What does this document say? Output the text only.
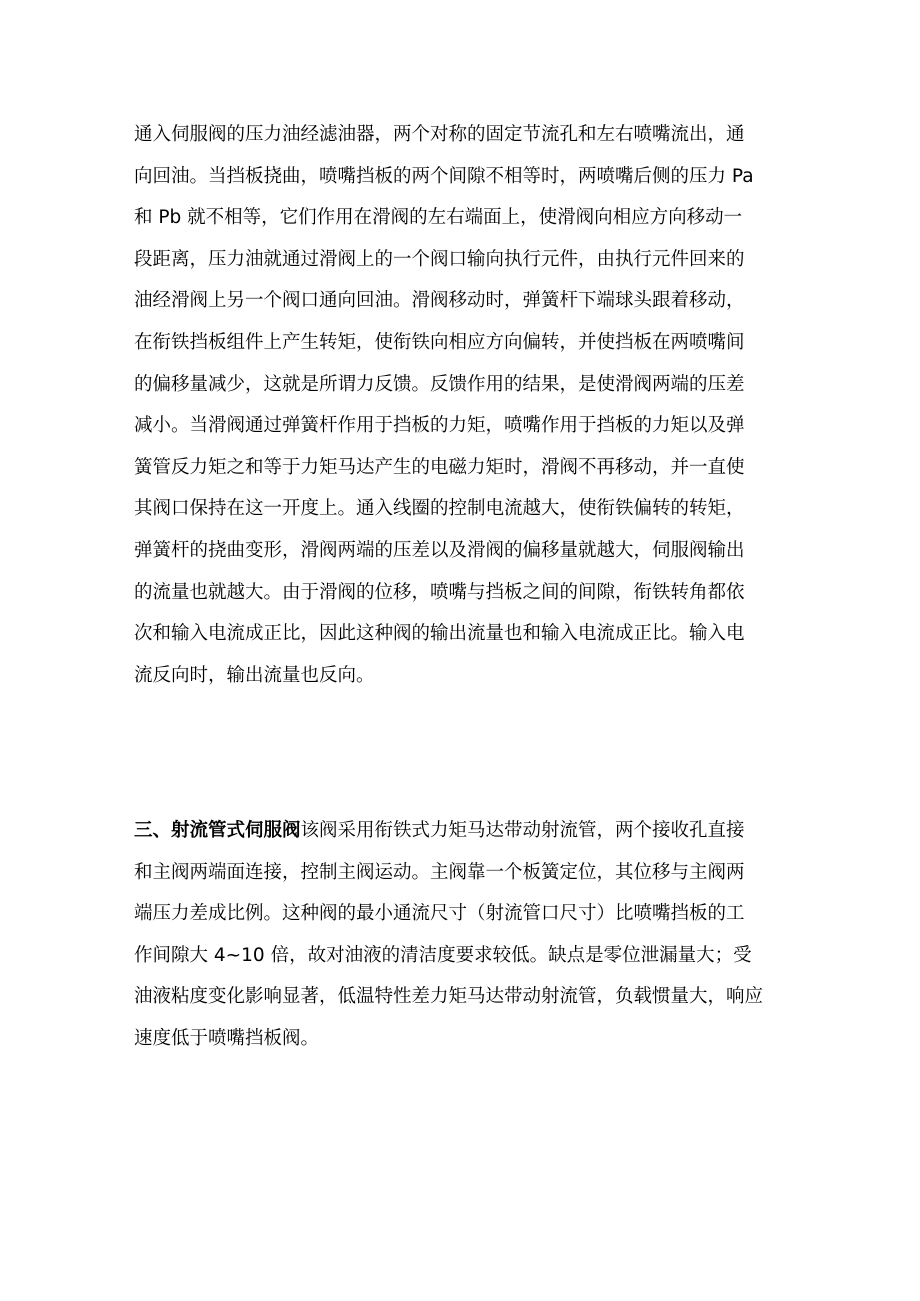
通入伺服阀的压力油经滤油器，两个对称的固定节流孔和左右喷嘴流出，通
向回油。当挡板挠曲，喷嘴挡板的两个间隙不相等时，两喷嘴后侧的压力 Pa
和 Pb 就不相等，它们作用在滑阀的左右端面上，使滑阀向相应方向移动一
段距离，压力油就通过滑阀上的一个阀口输向执行元件，由执行元件回来的
油经滑阀上另一个阀口通向回油。滑阀移动时，弹簧杆下端球头跟着移动，
在衔铁挡板组件上产生转矩，使衔铁向相应方向偏转，并使挡板在两喷嘴间
的偏移量减少，这就是所谓力反馈。反馈作用的结果，是使滑阀两端的压差
减小。当滑阀通过弹簧杆作用于挡板的力矩，喷嘴作用于挡板的力矩以及弹
簧管反力矩之和等于力矩马达产生的电磁力矩时，滑阀不再移动，并一直使
其阀口保持在这一开度上。通入线圈的控制电流越大，使衔铁偏转的转矩，
弹簧杆的挠曲变形，滑阀两端的压差以及滑阀的偏移量就越大，伺服阀输出
的流量也就越大。由于滑阀的位移，喷嘴与挡板之间的间隙，衔铁转角都依
次和输入电流成正比，因此这种阀的输出流量也和输入电流成正比。输入电
流反向时，输出流量也反向。
三、射流管式伺服阀该阀采用衔铁式力矩马达带动射流管，两个接收孔直接
和主阀两端面连接，控制主阀运动。主阀靠一个板簧定位，其位移与主阀两
端压力差成比例。这种阀的最小通流尺寸（射流管口尺寸）比喷嘴挡板的工
作间隙大 4~10 倍，故对油液的清洁度要求较低。缺点是零位泄漏量大；受
油液粘度变化影响显著，低温特性差力矩马达带动射流管，负载惯量大，响应
速度低于喷嘴挡板阀。
